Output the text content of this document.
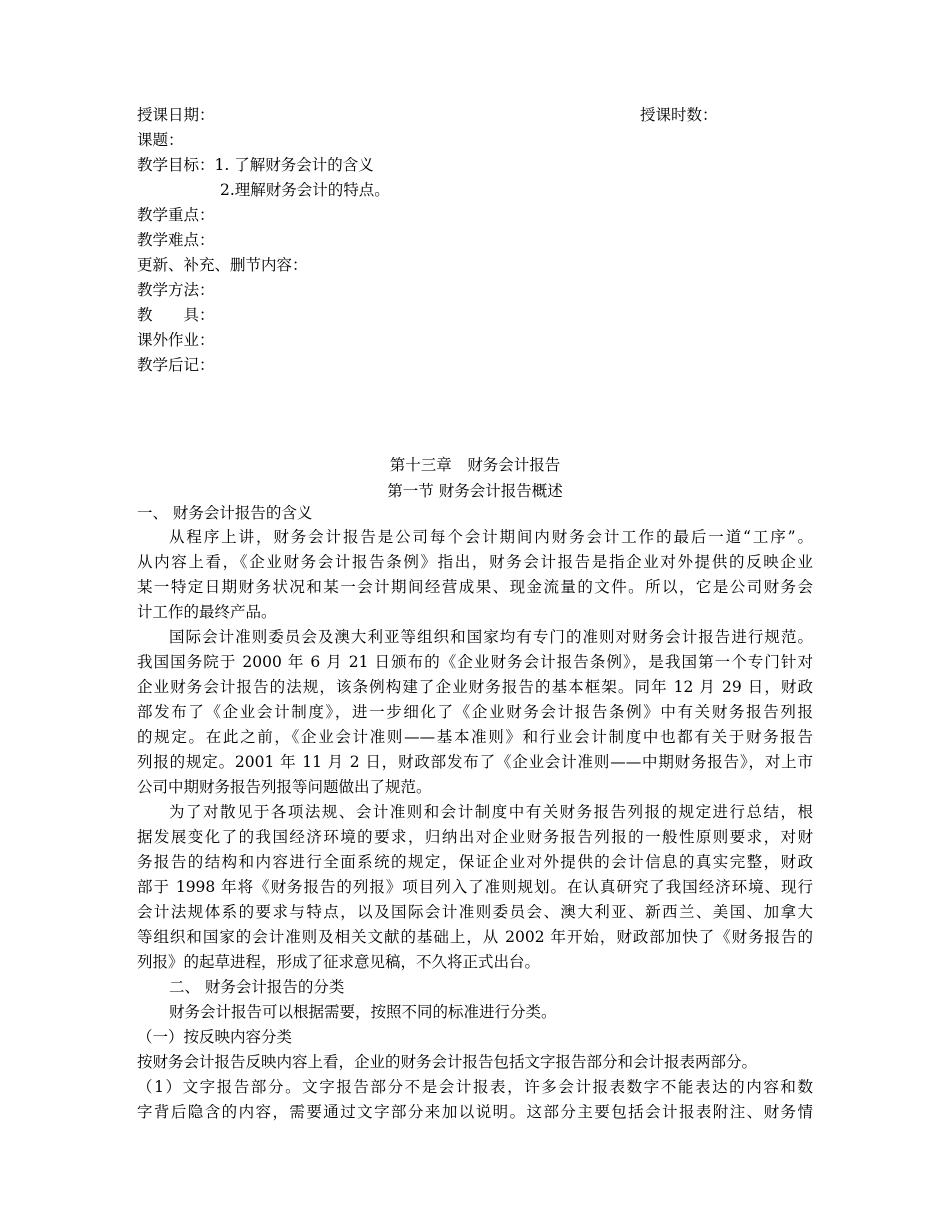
授课日期：	授课时数：
课题：
教学目标：1. 了解财务会计的含义
2.理解财务会计的特点。
教学重点：
教学难点：
更新、补充、删节内容：
教学方法：
教　　具：
课外作业：
教学后记：
第十三章　财务会计报告
第一节 财务会计报告概述
一、 财务会计报告的含义
从程序上讲，财务会计报告是公司每个会计期间内财务会计工作的最后一道“工序”。
从内容上看，《企业财务会计报告条例》指出，财务会计报告是指企业对外提供的反映企业
某一特定日期财务状况和某一会计期间经营成果、现金流量的文件。所以，它是公司财务会
计工作的最终产品。
国际会计准则委员会及澳大利亚等组织和国家均有专门的准则对财务会计报告进行规范。
我国国务院于 2000 年 6 月 21 日颁布的《企业财务会计报告条例》，是我国第一个专门针对
企业财务会计报告的法规，该条例构建了企业财务报告的基本框架。同年 12 月 29 日，财政
部发布了《企业会计制度》，进一步细化了《企业财务会计报告条例》中有关财务报告列报
的规定。在此之前，《企业会计准则——基本准则》和行业会计制度中也都有关于财务报告
列报的规定。2001 年 11 月 2 日，财政部发布了《企业会计准则——中期财务报告》，对上市
公司中期财务报告列报等问题做出了规范。
为了对散见于各项法规、会计准则和会计制度中有关财务报告列报的规定进行总结，根
据发展变化了的我国经济环境的要求，归纳出对企业财务报告列报的一般性原则要求，对财
务报告的结构和内容进行全面系统的规定，保证企业对外提供的会计信息的真实完整，财政
部于 1998 年将《财务报告的列报》项目列入了准则规划。在认真研究了我国经济环境、现行
会计法规体系的要求与特点，以及国际会计准则委员会、澳大利亚、新西兰、美国、加拿大
等组织和国家的会计准则及相关文献的基础上，从 2002 年开始，财政部加快了《财务报告的
列报》的起草进程，形成了征求意见稿，不久将正式出台。
二、 财务会计报告的分类
财务会计报告可以根据需要，按照不同的标准进行分类。
（一）按反映内容分类
按财务会计报告反映内容上看，企业的财务会计报告包括文字报告部分和会计报表两部分。
（1）文字报告部分。文字报告部分不是会计报表，许多会计报表数字不能表达的内容和数
字背后隐含的内容，需要通过文字部分来加以说明。这部分主要包括会计报表附注、财务情
